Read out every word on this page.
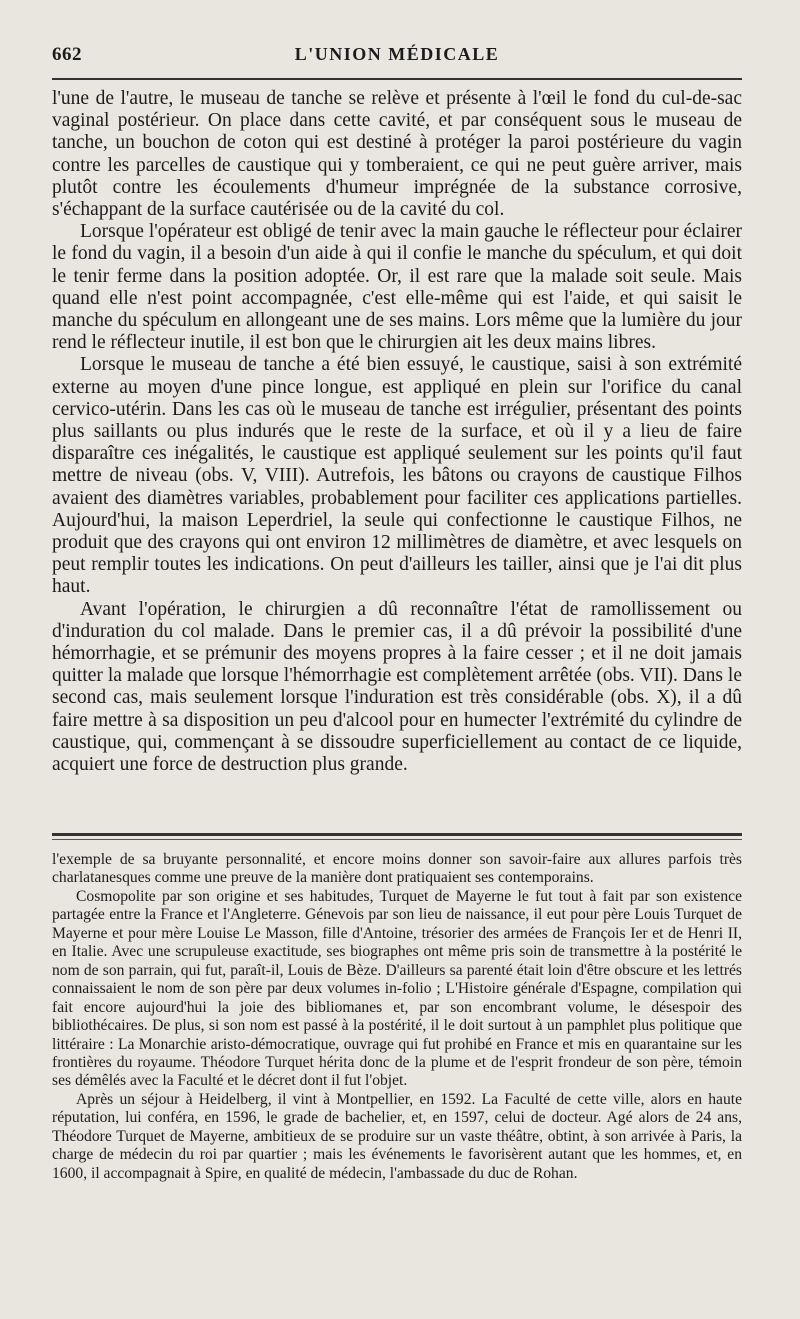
662	L'UNION MÉDICALE

l'une de l'autre, le museau de tanche se relève et présente à l'œil le fond du cul-de-sac vaginal postérieur. On place dans cette cavité, et par conséquent sous le museau de tanche, un bouchon de coton qui est destiné à protéger la paroi postérieure du vagin contre les parcelles de caustique qui y tomberaient, ce qui ne peut guère arriver, mais plutôt contre les écoulements d'humeur imprégnée de la substance corrosive, s'échappant de la surface cautérisée ou de la cavité du col.

Lorsque l'opérateur est obligé de tenir avec la main gauche le réflecteur pour éclairer le fond du vagin, il a besoin d'un aide à qui il confie le manche du spéculum, et qui doit le tenir ferme dans la position adoptée. Or, il est rare que la malade soit seule. Mais quand elle n'est point accompagnée, c'est elle-même qui est l'aide, et qui saisit le manche du spéculum en allongeant une de ses mains. Lors même que la lumière du jour rend le réflecteur inutile, il est bon que le chirurgien ait les deux mains libres.

Lorsque le museau de tanche a été bien essuyé, le caustique, saisi à son extrémité externe au moyen d'une pince longue, est appliqué en plein sur l'orifice du canal cervico-utérin. Dans les cas où le museau de tanche est irrégulier, présentant des points plus saillants ou plus indurés que le reste de la surface, et où il y a lieu de faire disparaître ces inégalités, le caustique est appliqué seulement sur les points qu'il faut mettre de niveau (obs. V, VIII). Autrefois, les bâtons ou crayons de caustique Filhos avaient des diamètres variables, probablement pour faciliter ces applications partielles. Aujourd'hui, la maison Leperdriel, la seule qui confectionne le caustique Filhos, ne produit que des crayons qui ont environ 12 millimètres de diamètre, et avec lesquels on peut remplir toutes les indications. On peut d'ailleurs les tailler, ainsi que je l'ai dit plus haut.

Avant l'opération, le chirurgien a dû reconnaître l'état de ramollissement ou d'induration du col malade. Dans le premier cas, il a dû prévoir la possibilité d'une hémorrhagie, et se prémunir des moyens propres à la faire cesser ; et il ne doit jamais quitter la malade que lorsque l'hémorrhagie est complètement arrêtée (obs. VII). Dans le second cas, mais seulement lorsque l'induration est très considérable (obs. X), il a dû faire mettre à sa disposition un peu d'alcool pour en humecter l'extrémité du cylindre de caustique, qui, commençant à se dissoudre superficiellement au contact de ce liquide, acquiert une force de destruction plus grande.

l'exemple de sa bruyante personnalité, et encore moins donner son savoir-faire aux allures parfois très charlatanesques comme une preuve de la manière dont pratiquaient ses contemporains.

Cosmopolite par son origine et ses habitudes, Turquet de Mayerne le fut tout à fait par son existence partagée entre la France et l'Angleterre. Génevois par son lieu de naissance, il eut pour père Louis Turquet de Mayerne et pour mère Louise Le Masson, fille d'Antoine, trésorier des armées de François Ier et de Henri II, en Italie. Avec une scrupuleuse exactitude, ses biographes ont même pris soin de transmettre à la postérité le nom de son parrain, qui fut, paraît-il, Louis de Bèze. D'ailleurs sa parenté était loin d'être obscure et les lettrés connaissaient le nom de son père par deux volumes in-folio ; L'Histoire générale d'Espagne, compilation qui fait encore aujourd'hui la joie des bibliomanes et, par son encombrant volume, le désespoir des bibliothécaires. De plus, si son nom est passé à la postérité, il le doit surtout à un pamphlet plus politique que littéraire : La Monarchie aristo-démocratique, ouvrage qui fut prohibé en France et mis en quarantaine sur les frontières du royaume. Théodore Turquet hérita donc de la plume et de l'esprit frondeur de son père, témoin ses démêlés avec la Faculté et le décret dont il fut l'objet.

Après un séjour à Heidelberg, il vint à Montpellier, en 1592. La Faculté de cette ville, alors en haute réputation, lui conféra, en 1596, le grade de bachelier, et, en 1597, celui de docteur. Agé alors de 24 ans, Théodore Turquet de Mayerne, ambitieux de se produire sur un vaste théâtre, obtint, à son arrivée à Paris, la charge de médecin du roi par quartier ; mais les événements le favorisèrent autant que les hommes, et, en 1600, il accompagnait à Spire, en qualité de médecin, l'ambassade du duc de Rohan.
